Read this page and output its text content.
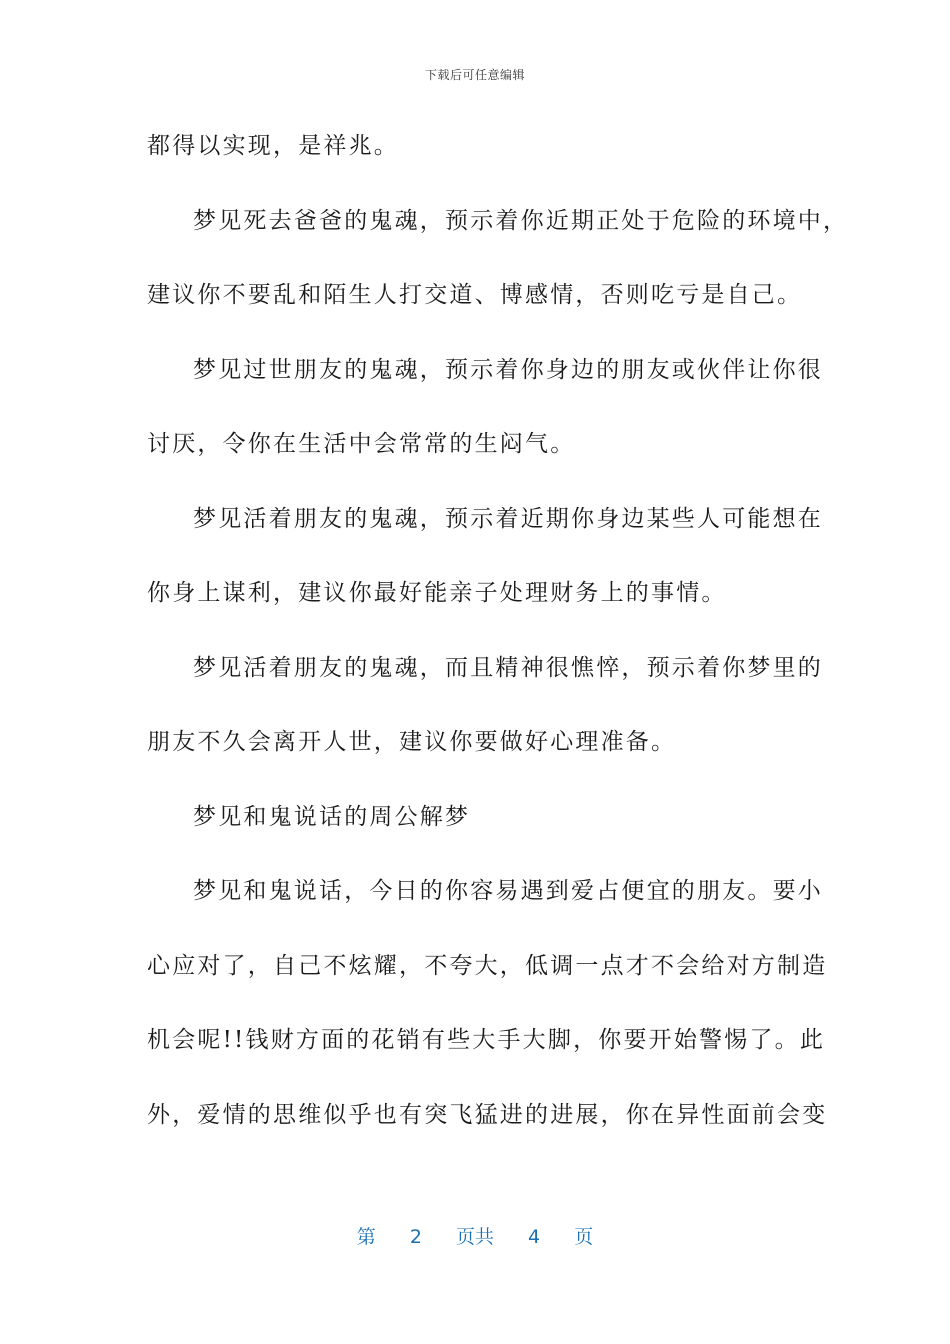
下载后可任意编辑
都得以实现，是祥兆。
梦见死去爸爸的鬼魂，预示着你近期正处于危险的环境中，
建议你不要乱和陌生人打交道、博感情，否则吃亏是自己。
梦见过世朋友的鬼魂，预示着你身边的朋友或伙伴让你很
讨厌，令你在生活中会常常的生闷气。
梦见活着朋友的鬼魂，预示着近期你身边某些人可能想在
你身上谋利，建议你最好能亲子处理财务上的事情。
梦见活着朋友的鬼魂，而且精神很憔悴，预示着你梦里的
朋友不久会离开人世，建议你要做好心理准备。
梦见和鬼说话的周公解梦
梦见和鬼说话，今日的你容易遇到爱占便宜的朋友。要小
心应对了，自己不炫耀，不夸大，低调一点才不会给对方制造
机会呢!!钱财方面的花销有些大手大脚，你要开始警惕了。此
外，爱情的思维似乎也有突飞猛进的进展，你在异性面前会变
第 2 页共 4 页
